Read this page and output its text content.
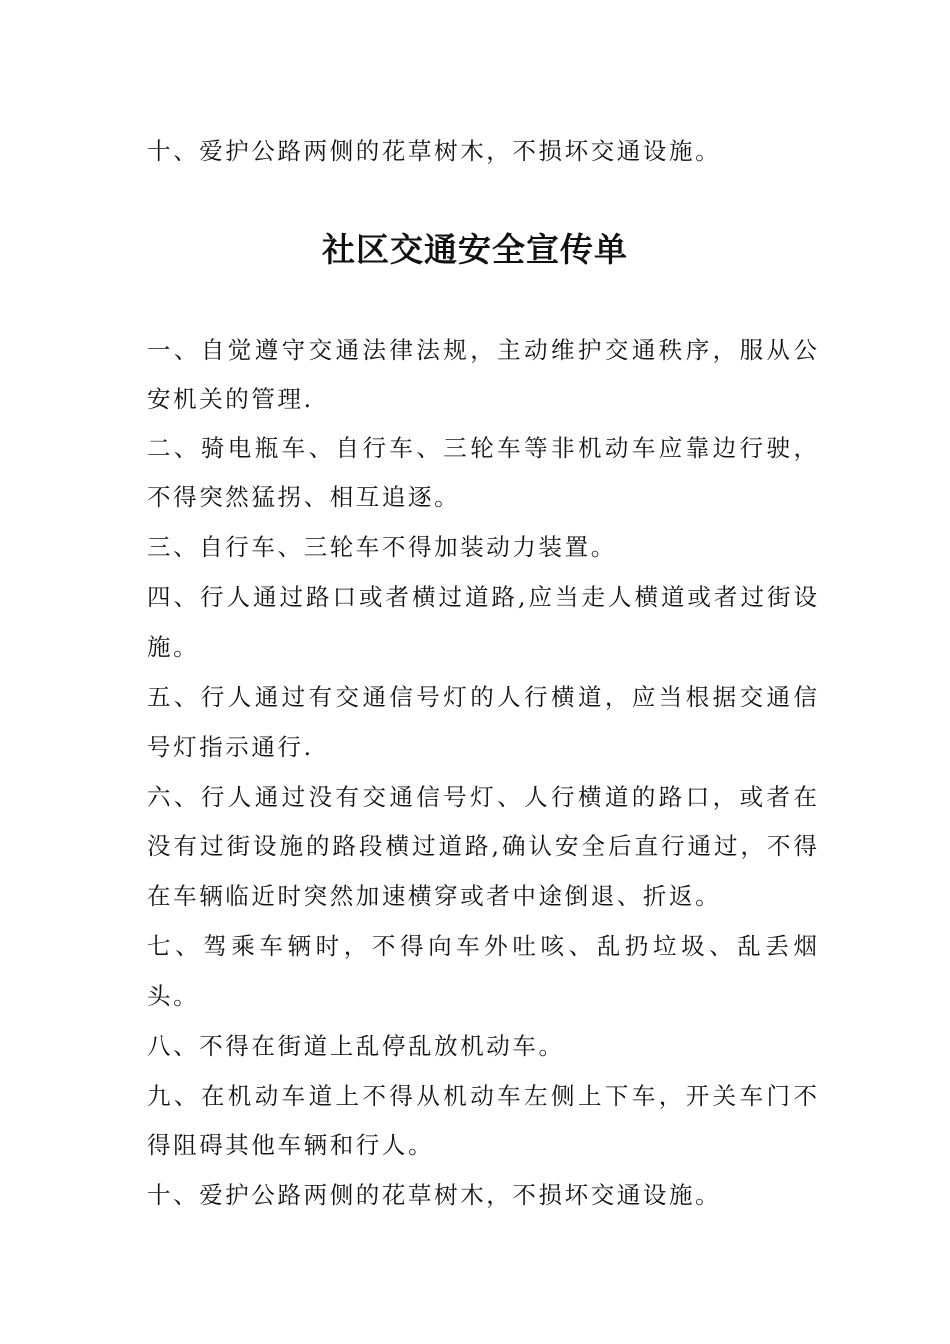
十、爱护公路两侧的花草树木，不损坏交通设施。
社区交通安全宣传单
一、自觉遵守交通法律法规，主动维护交通秩序，服从公
安机关的管理.
二、骑电瓶车、自行车、三轮车等非机动车应靠边行驶，
不得突然猛拐、相互追逐。
三、自行车、三轮车不得加装动力装置。
四、行人通过路口或者横过道路,应当走人横道或者过街设
施。
五、行人通过有交通信号灯的人行横道，应当根据交通信
号灯指示通行.
六、行人通过没有交通信号灯、人行横道的路口，或者在
没有过街设施的路段横过道路,确认安全后直行通过，不得
在车辆临近时突然加速横穿或者中途倒退、折返。
七、驾乘车辆时，不得向车外吐咳、乱扔垃圾、乱丢烟
头。
八、不得在街道上乱停乱放机动车。
九、在机动车道上不得从机动车左侧上下车，开关车门不
得阻碍其他车辆和行人。
十、爱护公路两侧的花草树木，不损坏交通设施。
